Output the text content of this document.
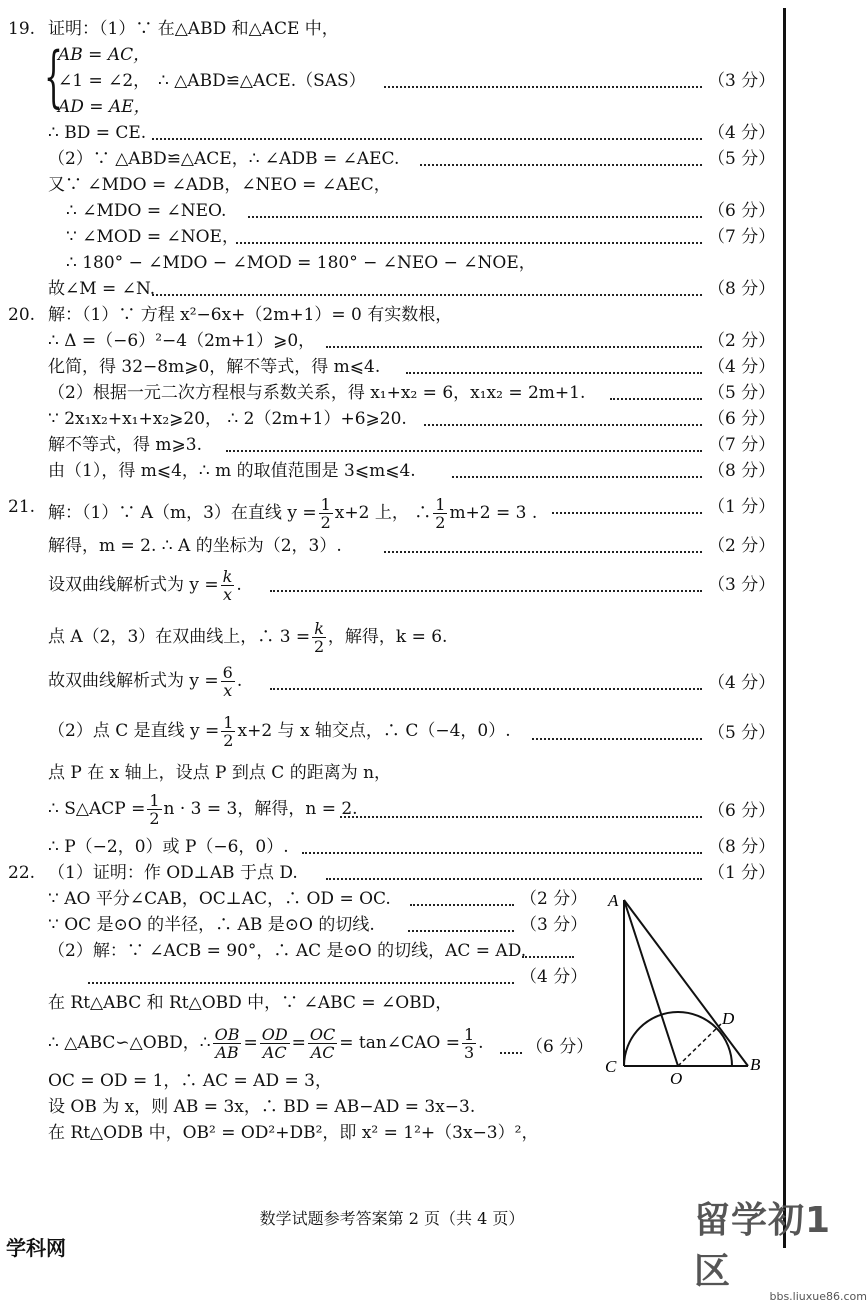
19. 证明：（1）∵ 在△ABD 和△ACE 中，
{
AB = AC，
∠1 = ∠2， ∴ △ABD≌△ACE.（SAS）	（3 分）
AD = AE，
∴ BD = CE.	（4 分）
（2）∵ △ABD≌△ACE，∴ ∠ADB = ∠AEC.	（5 分）
又∵ ∠MDO = ∠ADB，∠NEO = ∠AEC，
∴ ∠MDO = ∠NEO.	（6 分）
∵ ∠MOD = ∠NOE，	（7 分）
∴ 180° − ∠MDO − ∠MOD = 180° − ∠NEO − ∠NOE，
故∠M = ∠N.	（8 分）
20. 解：（1）∵ 方程 x²−6x+（2m+1）= 0 有实数根，
∴ Δ =（−6）²−4（2m+1）⩾0，	（2 分）
化简，得 32−8m⩾0，解不等式，得 m⩽4.	（4 分）
（2）根据一元二次方程根与系数关系，得 x₁+x₂ = 6，x₁x₂ = 2m+1.	（5 分）
∵ 2x₁x₂+x₁+x₂⩾20， ∴ 2（2m+1）+6⩾20.	（6 分）
解不等式，得 m⩾3.	（7 分）
由（1），得 m⩽4，∴ m 的取值范围是 3⩽m⩽4.	（8 分）
21. 解：（1）∵ A（m，3）在直线 $y = \frac{1}{2} x+2$ 上， ∴ $\frac{1}{2} m+2 = 3$ .	（1 分）
解得，m = 2. ∴ A 的坐标为（2，3）.	（2 分）
设双曲线解析式为 $y = \frac{k}{x}$ .	（3 分）
点 A（2，3）在双曲线上，∴ $3 = \frac{k}{2}$ ，解得，k = 6.
故双曲线解析式为 $y = \frac{6}{x}$ .	（4 分）
（2）点 C 是直线 $y = \frac{1}{2} x+2$ 与 x 轴交点，∴ C（−4，0）.	（5 分）
点 P 在 x 轴上，设点 P 到点 C 的距离为 n，
∴ S△ACP = $\frac{1}{2}$ n · 3 = 3，解得，n = 2.	（6 分）
∴ P（−2，0）或 P（−6，0）.	（8 分）
22. （1）证明：作 OD⊥AB 于点 D.	（1 分）
∵ AO 平分∠CAB，OC⊥AC，∴ OD = OC.	（2 分）
∵ OC 是⊙O 的半径，∴ AB 是⊙O 的切线.	（3 分）
（2）解：∵ ∠ACB = 90°，∴ AC 是⊙O 的切线，AC = AD.
（4 分）
在 Rt△ABC 和 Rt△OBD 中，∵ ∠ABC = ∠OBD，
∴ △ABC∽△OBD，∴ $\frac{OB}{AB} = \frac{OD}{AC} = \frac{OC}{AC}$ = tan∠CAO = $\frac{1}{3}$ . （6 分）
OC = OD = 1，∴ AC = AD = 3，
设 OB 为 x，则 AB = 3x，∴ BD = AB−AD = 3x−3.
在 Rt△ODB 中，OB² = OD²+DB²，即 x² = 1²+（3x−3）²，
A
C
O
D
B
数学试题参考答案第 2 页（共 4 页）	留学初1区
bbs.liuxue86.com
学科网
